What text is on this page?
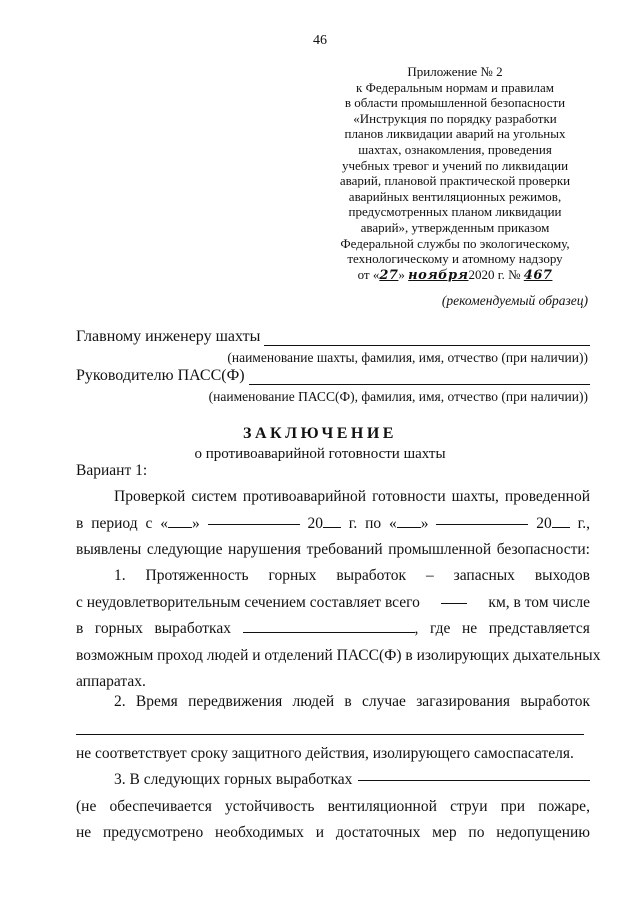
46
Приложение № 2
к Федеральным нормам и правилам
в области промышленной безопасности
«Инструкция по порядку разработки
планов ликвидации аварий на угольных
шахтах, ознакомления, проведения
учебных тревог и учений по ликвидации
аварий, плановой практической проверки
аварийных вентиляционных режимов,
предусмотренных планом ликвидации
аварий», утвержденным приказом
Федеральной службы по экологическому,
технологическому и атомному надзору
от «27» ноября2020 г. № 467
(рекомендуемый образец)
Главному инженеру шахты
(наименование шахты, фамилия, имя, отчество (при наличии))
Руководителю ПАСС(Ф)
(наименование ПАСС(Ф), фамилия, имя, отчество (при наличии))
ЗАКЛЮЧЕНИЕ
о противоаварийной готовности шахты
Вариант 1:
Проверкой систем противоаварийной готовности шахты, проведенной
в период с « »	20	г. по « »	20	г.,
выявлены следующие нарушения требований промышленной безопасности:
1. Протяженность горных выработок – запасных выходов
с неудовлетворительным сечением составляет всего	км, в том числе
в горных выработках	, где не представляется
возможным проход людей и отделений ПАСС(Ф) в изолирующих дыхательных
аппаратах.
2. Время передвижения людей в случае загазирования выработок
не соответствует сроку защитного действия, изолирующего самоспасателя.
3. В следующих горных выработках
(не обеспечивается устойчивость вентиляционной струи при пожаре,
не предусмотрено необходимых и достаточных мер по недопущению
